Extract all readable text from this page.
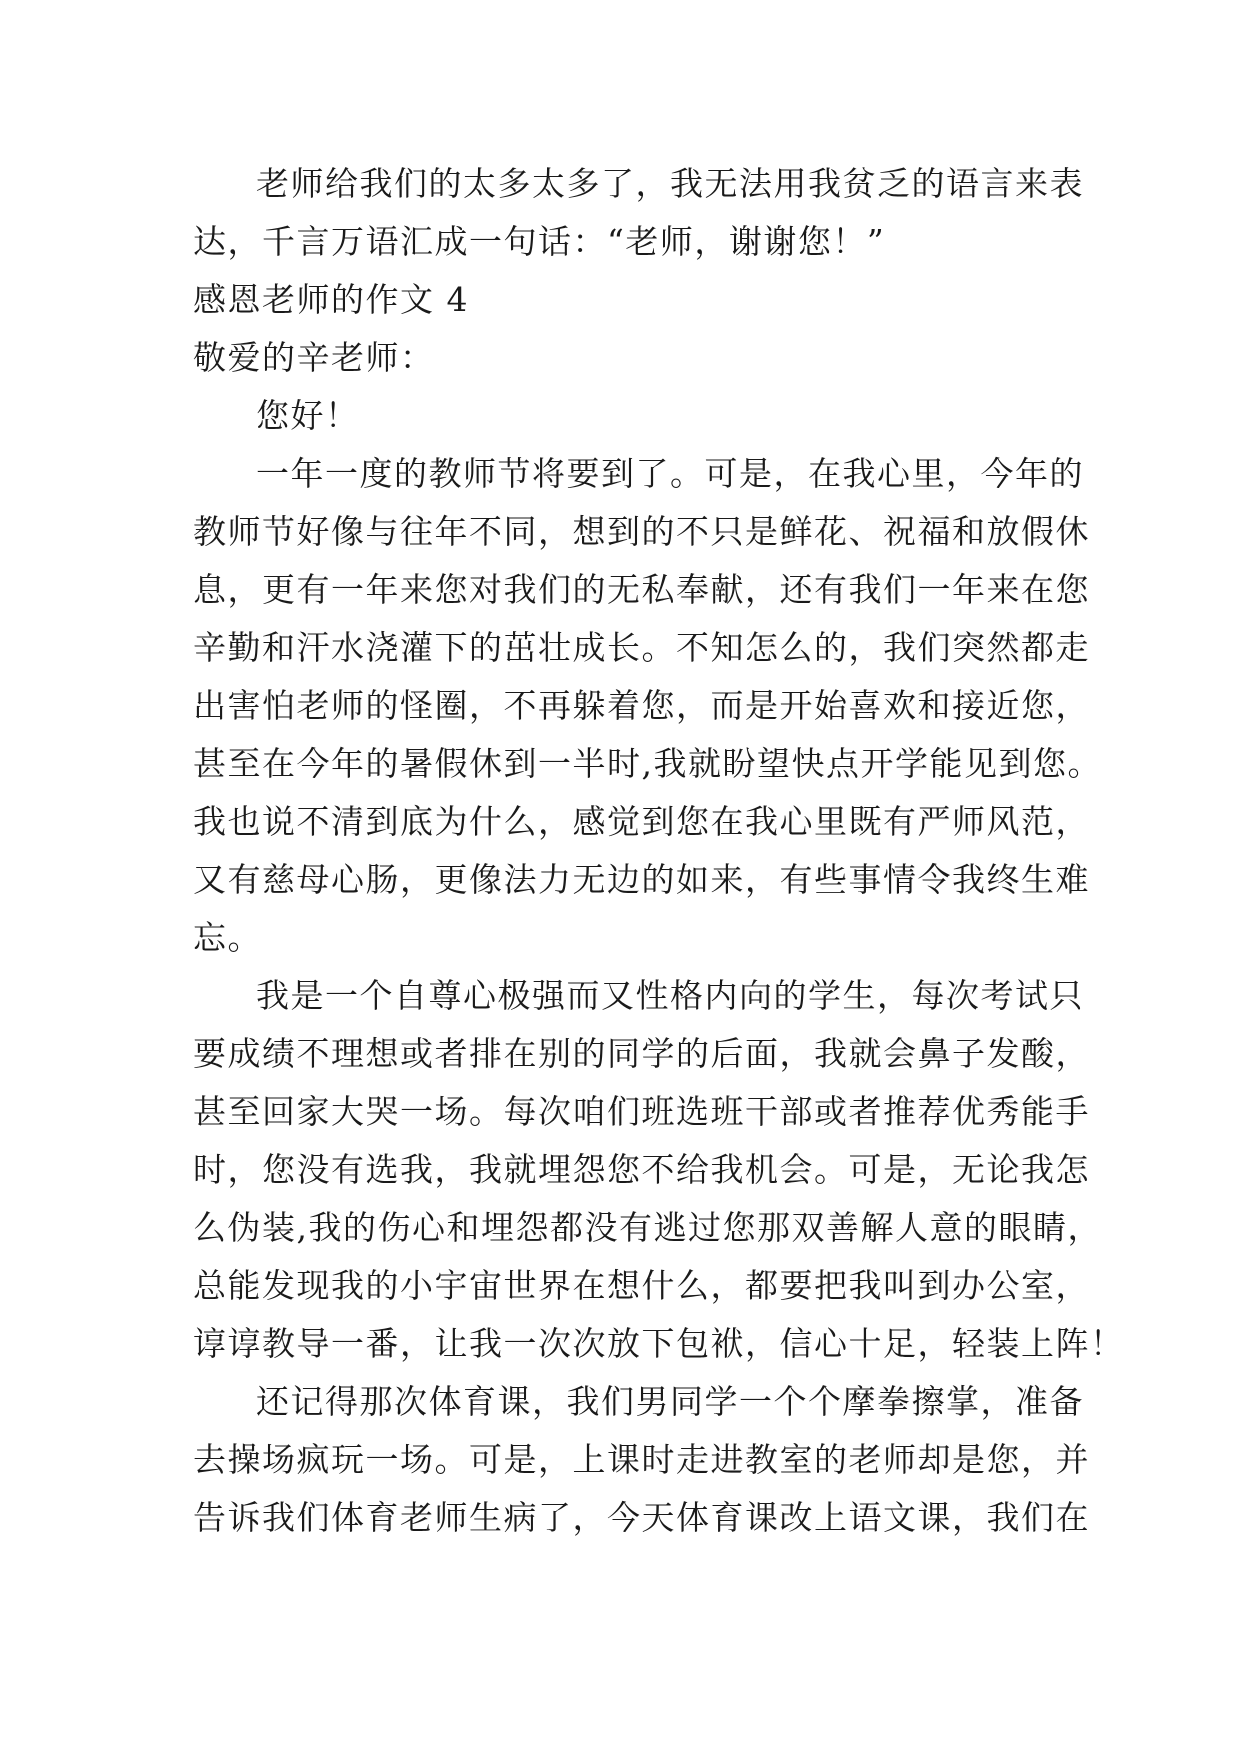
老师给我们的太多太多了，我无法用我贫乏的语言来表
达，千言万语汇成一句话：“老师，谢谢您！”
感恩老师的作文 4
敬爱的辛老师：
您好！
一年一度的教师节将要到了。可是，在我心里，今年的
教师节好像与往年不同，想到的不只是鲜花、祝福和放假休
息，更有一年来您对我们的无私奉献，还有我们一年来在您
辛勤和汗水浇灌下的茁壮成长。不知怎么的，我们突然都走
出害怕老师的怪圈，不再躲着您，而是开始喜欢和接近您，
甚至在今年的暑假休到一半时,我就盼望快点开学能见到您。
我也说不清到底为什么，感觉到您在我心里既有严师风范，
又有慈母心肠，更像法力无边的如来，有些事情令我终生难
忘。
我是一个自尊心极强而又性格内向的学生，每次考试只
要成绩不理想或者排在别的同学的后面，我就会鼻子发酸，
甚至回家大哭一场。每次咱们班选班干部或者推荐优秀能手
时，您没有选我，我就埋怨您不给我机会。可是，无论我怎
么伪装,我的伤心和埋怨都没有逃过您那双善解人意的眼睛，
总能发现我的小宇宙世界在想什么，都要把我叫到办公室，
谆谆教导一番，让我一次次放下包袱，信心十足，轻装上阵！
还记得那次体育课，我们男同学一个个摩拳擦掌，准备
去操场疯玩一场。可是，上课时走进教室的老师却是您，并
告诉我们体育老师生病了，今天体育课改上语文课，我们在
